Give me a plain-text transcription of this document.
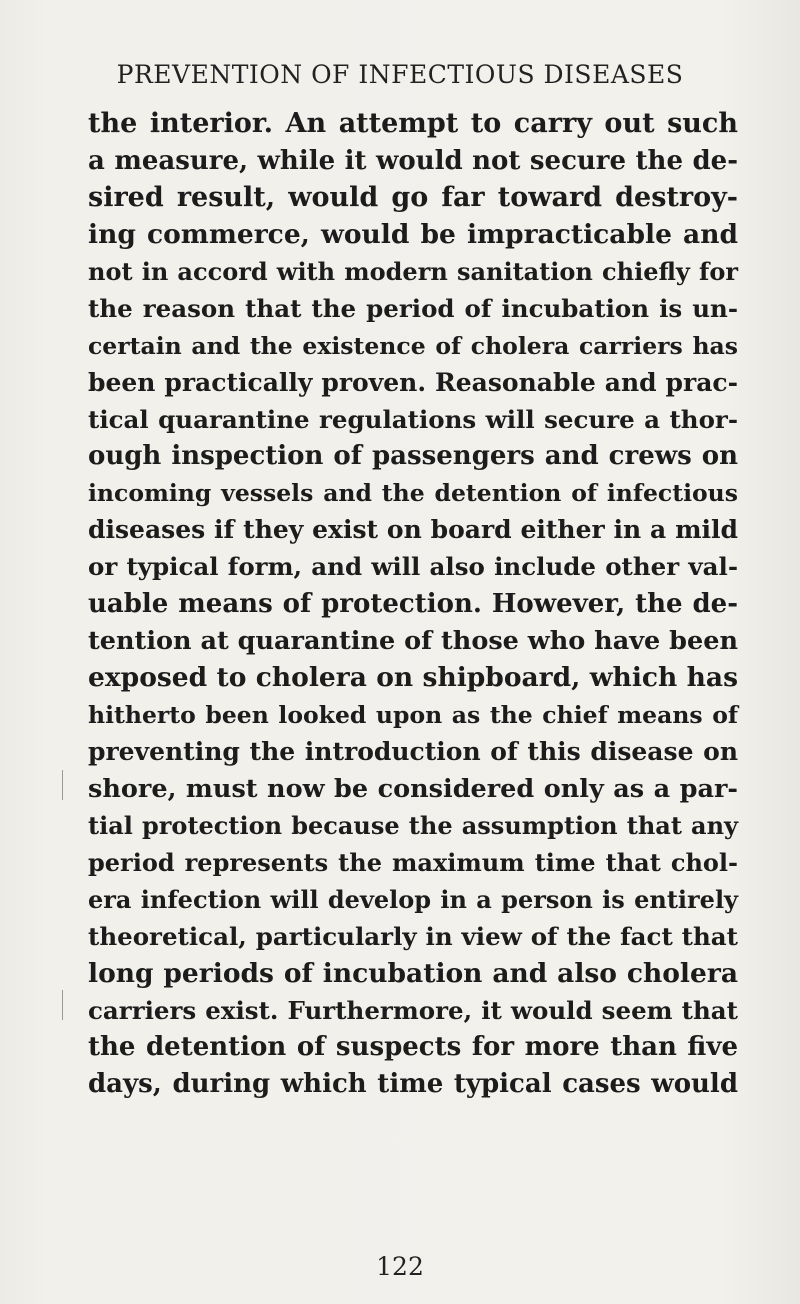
PREVENTION OF INFECTIOUS DISEASES
the interior. An attempt to carry out such
a measure, while it would not secure the de-
sired result, would go far toward destroy-
ing commerce, would be impracticable and
not in accord with modern sanitation chiefly for
the reason that the period of incubation is un-
certain and the existence of cholera carriers has
been practically proven. Reasonable and prac-
tical quarantine regulations will secure a thor-
ough inspection of passengers and crews on
incoming vessels and the detention of infectious
diseases if they exist on board either in a mild
or typical form, and will also include other val-
uable means of protection. However, the de-
tention at quarantine of those who have been
exposed to cholera on shipboard, which has
hitherto been looked upon as the chief means of
preventing the introduction of this disease on
shore, must now be considered only as a par-
tial protection because the assumption that any
period represents the maximum time that chol-
era infection will develop in a person is entirely
theoretical, particularly in view of the fact that
long periods of incubation and also cholera
carriers exist. Furthermore, it would seem that
the detention of suspects for more than five
days, during which time typical cases would
122
